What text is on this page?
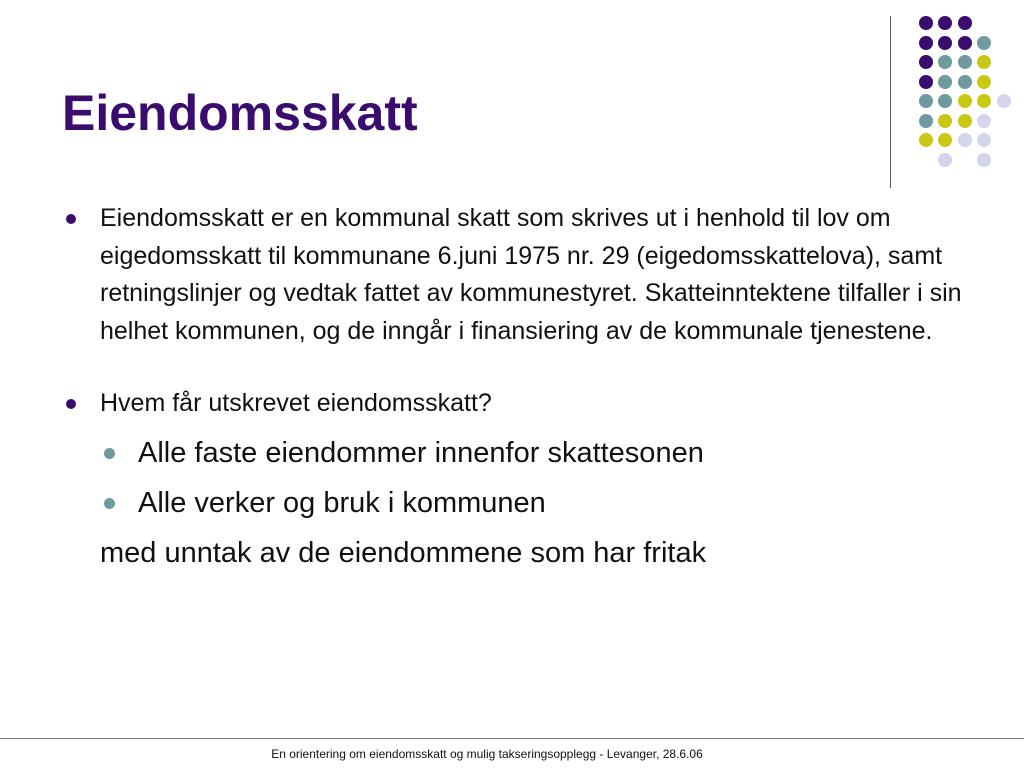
Eiendomsskatt
Eiendomsskatt er en kommunal skatt som skrives ut i henhold til lov om eigedomsskatt til kommunane 6.juni 1975 nr. 29 (eigedomsskattelova), samt retningslinjer og vedtak fattet av kommunestyret. Skatteinntektene tilfaller i sin helhet kommunen, og de inngår i finansiering av de kommunale tjenestene.
Hvem får utskrevet eiendomsskatt?
Alle faste eiendommer innenfor skattesonen
Alle verker og bruk i kommunen
med unntak av de eiendommene som har fritak
En orientering om eiendomsskatt og mulig takseringsopplegg - Levanger, 28.6.06
